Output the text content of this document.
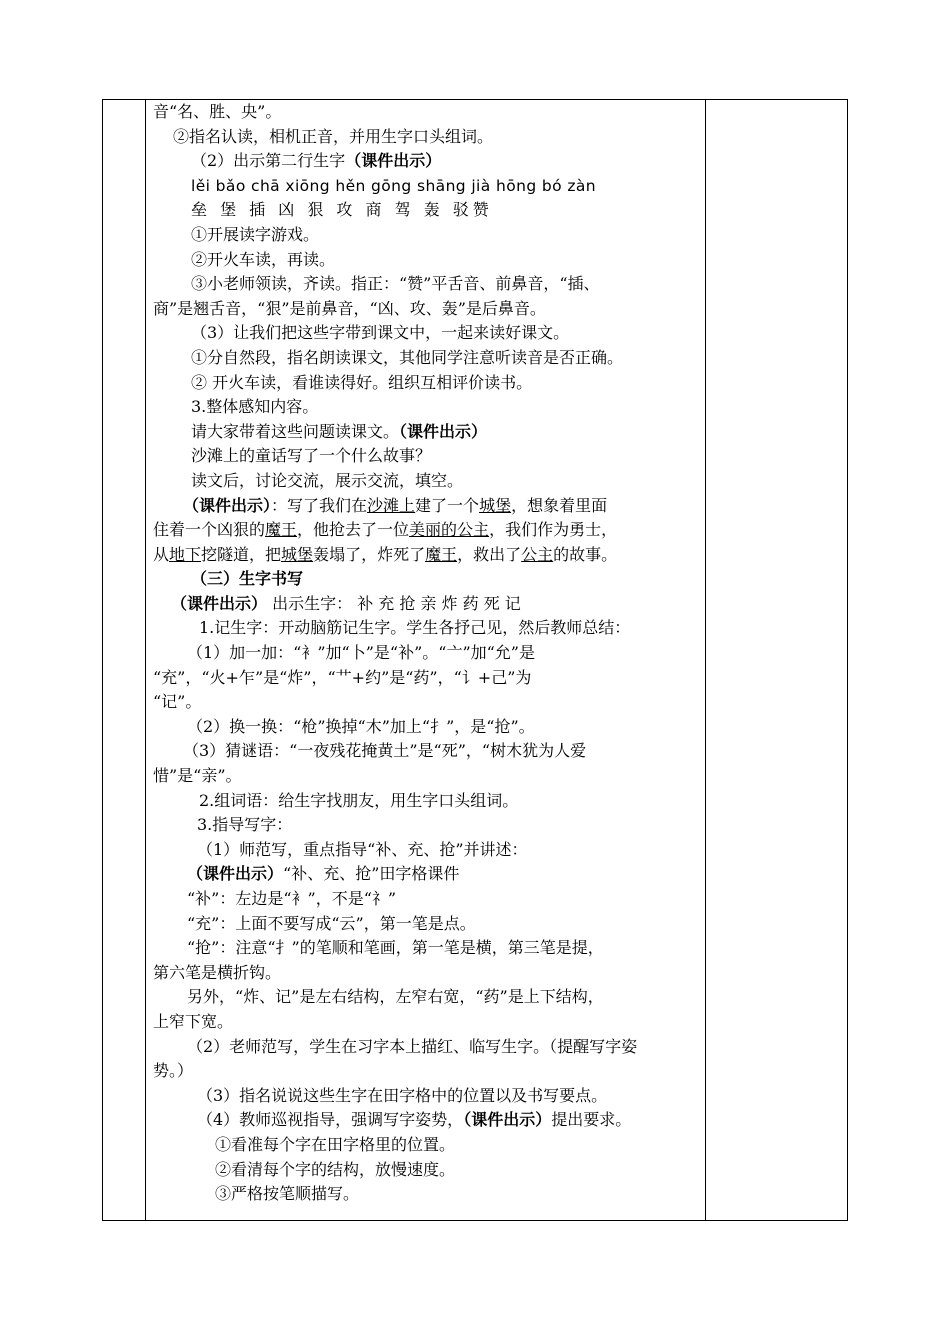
音“名、胜、央”。
②指名认读，相机正音，并用生字口头组词。
（2）出示第二行生字（课件出示）
lěi bǎo chā xiōng hěn gōng shāng jià hōng bó zàn
垒 堡 插 凶 狠 攻 商 驾 轰 驳赞
①开展读字游戏。
②开火车读，再读。
③小老师领读，齐读。指正：“赞”平舌音、前鼻音，“插、
商”是翘舌音，“狠”是前鼻音，“凶、攻、轰”是后鼻音。
（3）让我们把这些字带到课文中，一起来读好课文。
①分自然段，指名朗读课文，其他同学注意听读音是否正确。
② 开火车读，看谁读得好。组织互相评价读书。
3.整体感知内容。
请大家带着这些问题读课文。（课件出示）
沙滩上的童话写了一个什么故事？
读文后，讨论交流，展示交流，填空。
（课件出示）：写了我们在沙滩上建了一个城堡，想象着里面
住着一个凶狠的魔王，他抢去了一位美丽的公主，我们作为勇士，
从地下挖隧道，把城堡轰塌了，炸死了魔王，救出了公主的故事。
（三）生字书写
（课件出示） 出示生字： 补 充 抢 亲 炸 药 死 记
1.记生字：开动脑筋记生字。学生各抒己见，然后教师总结：
（1）加一加：“衤”加“卜”是“补”。“亠”加“允”是
“充”，“火+乍”是“炸”，“艹+约”是“药”，“讠+己”为
“记”。
（2）换一换：“枪”换掉“木”加上“扌”，是“抢”。
（3）猜谜语：“一夜残花掩黄土”是“死”，“树木犹为人爱
惜”是“亲”。
2.组词语：给生字找朋友，用生字口头组词。
3.指导写字：
（1）师范写，重点指导“补、充、抢”并讲述：
（课件出示）“补、充、抢”田字格课件
“补”：左边是“衤”，不是“礻”
“充”：上面不要写成“云”，第一笔是点。
“抢”：注意“扌”的笔顺和笔画，第一笔是横，第三笔是提，
第六笔是横折钩。
另外，“炸、记”是左右结构，左窄右宽，“药”是上下结构，
上窄下宽。
（2）老师范写，学生在习字本上描红、临写生字。（提醒写字姿
势。）
（3）指名说说这些生字在田字格中的位置以及书写要点。
（4）教师巡视指导，强调写字姿势，（课件出示）提出要求。
①看准每个字在田字格里的位置。
②看清每个字的结构，放慢速度。
③严格按笔顺描写。
